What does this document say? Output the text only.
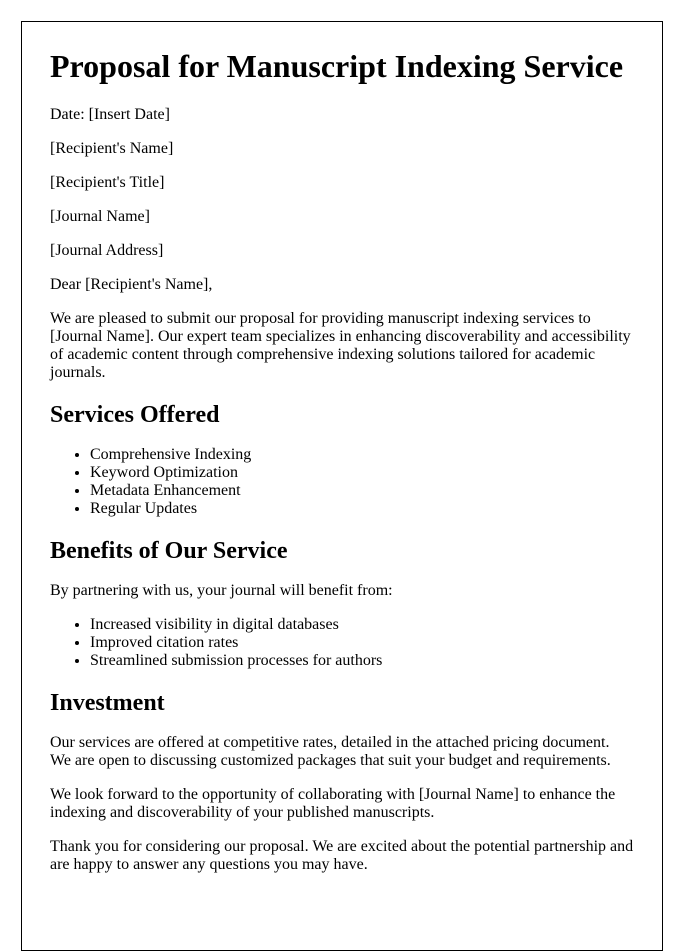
Proposal for Manuscript Indexing Service

Date: [Insert Date]

[Recipient's Name]

[Recipient's Title]

[Journal Name]

[Journal Address]

Dear [Recipient's Name],

We are pleased to submit our proposal for providing manuscript indexing services to [Journal Name]. Our expert team specializes in enhancing discoverability and accessibility of academic content through comprehensive indexing solutions tailored for academic journals.

Services Offered
• Comprehensive Indexing
• Keyword Optimization
• Metadata Enhancement
• Regular Updates
Benefits of Our Service

By partnering with us, your journal will benefit from:

• Increased visibility in digital databases
• Improved citation rates
• Streamlined submission processes for authors
Investment

Our services are offered at competitive rates, detailed in the attached pricing document. We are open to discussing customized packages that suit your budget and requirements.

We look forward to the opportunity of collaborating with [Journal Name] to enhance the indexing and discoverability of your published manuscripts.

Thank you for considering our proposal. We are excited about the potential partnership and are happy to answer any questions you may have.
